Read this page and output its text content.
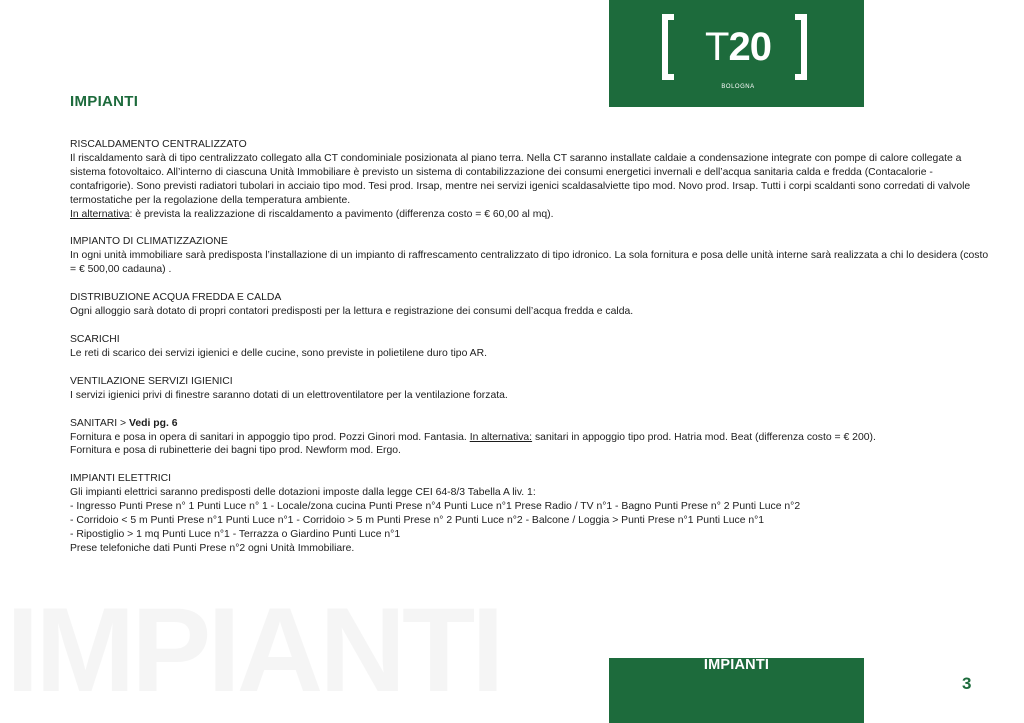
T20
BOLOGNA
IMPIANTI

RISCALDAMENTO CENTRALIZZATO

Il riscaldamento sarà di tipo centralizzato collegato alla CT condominiale posizionata al piano terra. Nella CT saranno installate caldaie a condensazione integrate con pompe di calore collegate a sistema fotovoltaico. All’interno di ciascuna Unità Immobiliare è previsto un sistema di contabilizzazione dei consumi energetici invernali e dell’acqua sanitaria calda e fredda (Contacalorie - contafrigorie). Sono previsti radiatori tubolari in acciaio tipo mod. Tesi prod. Irsap, mentre nei servizi igenici scaldasalviette tipo mod. Novo prod. Irsap. Tutti i corpi scaldanti sono corredati di valvole termostatiche per la regolazione della temperatura ambiente.

In alternativa: è prevista la realizzazione di riscaldamento a pavimento (differenza costo = € 60,00 al mq).

IMPIANTO DI CLIMATIZZAZIONE

In ogni unità immobiliare sarà predisposta l’installazione di un impianto di raffrescamento centralizzato di tipo idronico. La sola fornitura e posa delle unità interne sarà realizzata a chi lo desidera (costo = € 500,00 cadauna) .

DISTRIBUZIONE ACQUA FREDDA E CALDA

Ogni alloggio sarà dotato di propri contatori predisposti per la lettura e registrazione dei consumi dell’acqua fredda e calda.

SCARICHI

Le reti di scarico dei servizi igienici e delle cucine, sono previste in polietilene duro tipo AR.

VENTILAZIONE SERVIZI IGIENICI

I servizi igienici privi di finestre saranno dotati di un elettroventilatore per la ventilazione forzata.

SANITARI > Vedi pg. 6

Fornitura e posa in opera di sanitari in appoggio tipo prod. Pozzi Ginori mod. Fantasia. In alternativa: sanitari in appoggio tipo prod. Hatria mod. Beat (differenza costo = € 200).

Fornitura e posa di rubinetterie dei bagni tipo prod. Newform mod. Ergo.

IMPIANTI ELETTRICI

Gli impianti elettrici saranno predisposti delle dotazioni imposte dalla legge CEI 64-8/3 Tabella A liv. 1:

- Ingresso Punti Prese n° 1 Punti Luce n° 1 - Locale/zona cucina Punti Prese n°4 Punti Luce n°1 Prese Radio / TV n°1 - Bagno Punti Prese n° 2 Punti Luce n°2

- Corridoio < 5 m Punti Prese n°1 Punti Luce n°1 - Corridoio > 5 m Punti Prese n° 2 Punti Luce n°2 - Balcone / Loggia > Punti Prese n°1 Punti Luce n°1

- Ripostiglio > 1 mq Punti Luce n°1 - Terrazza o Giardino Punti Luce n°1

Prese telefoniche dati Punti Prese n°2 ogni Unità Immobiliare.

IMPIANTI	IMPIANTI
3
